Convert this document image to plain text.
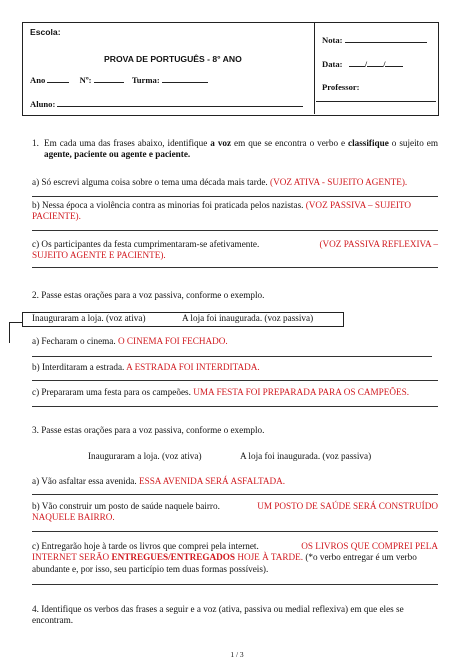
Escola:
PROVA DE PORTUGUÊS - 8° ANO
Ano	Nº:	Turma:
Aluno:
Nota:
Data:	/ /
Professor:
1. Em cada uma das frases abaixo, identifique a voz em que se encontra o verbo e classifique o sujeito em agente, paciente ou agente e paciente.
a) Só escrevi alguma coisa sobre o tema uma década mais tarde. (VOZ ATIVA - SUJEITO AGENTE).
b) Nessa época a violência contra as minorias foi praticada pelos nazistas. (VOZ PASSIVA – SUJEITO
PACIENTE).
c) Os participantes da festa cumprimentaram-se afetivamente.	(VOZ PASSIVA REFLEXIVA –
SUJEITO AGENTE E PACIENTE).
2. Passe estas orações para a voz passiva, conforme o exemplo.
Inauguraram a loja. (voz ativa)	A loja foi inaugurada. (voz passiva)
a) Fecharam o cinema. O CINEMA FOI FECHADO.
b) Interditaram a estrada. A ESTRADA FOI INTERDITADA.
c) Prepararam uma festa para os campeões. UMA FESTA FOI PREPARADA PARA OS CAMPEÕES.
3. Passe estas orações para a voz passiva, conforme o exemplo.
Inauguraram a loja. (voz ativa)	A loja foi inaugurada. (voz passiva)
a) Vão asfaltar essa avenida. ESSA AVENIDA SERÁ ASFALTADA.
b) Vão construir um posto de saúde naquele bairro.	UM POSTO DE SAÚDE SERÁ CONSTRUÍDO
NAQUELE BAIRRO.
c) Entregarão hoje à tarde os livros que comprei pela internet.	OS LIVROS QUE COMPREI PELA
INTERNET SERÃO ENTREGUES/ENTREGADOS HOJE À TARDE. (*o verbo entregar é um verbo
abundante e, por isso, seu particípio tem duas formas possíveis).
4. Identifique os verbos das frases a seguir e a voz (ativa, passiva ou medial reflexiva) em que eles se
encontram.
1 / 3
